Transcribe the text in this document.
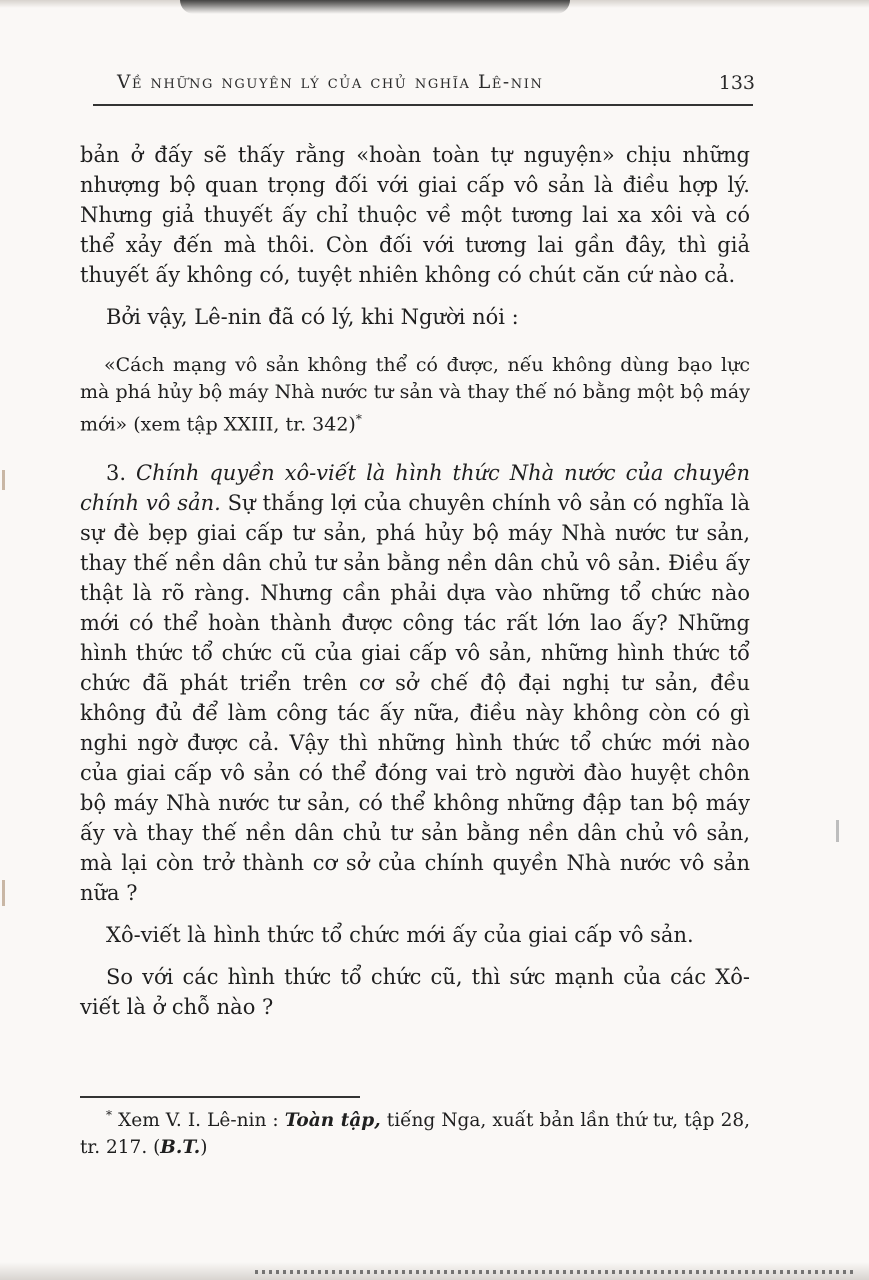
Về những nguyên lý của chủ nghĩa Lê-nin	133

bản ở đấy sẽ thấy rằng «hoàn toàn tự nguyện» chịu những nhượng bộ quan trọng đối với giai cấp vô sản là điều hợp lý. Nhưng giả thuyết ấy chỉ thuộc về một tương lai xa xôi và có thể xảy đến mà thôi. Còn đối với tương lai gần đây, thì giả thuyết ấy không có, tuyệt nhiên không có chút căn cứ nào cả.

Bởi vậy, Lê-nin đã có lý, khi Người nói :

«Cách mạng vô sản không thể có được, nếu không dùng bạo lực mà phá hủy bộ máy Nhà nước tư sản và thay thế nó bằng một bộ máy mới» (xem tập XXIII, tr. 342)*

3. Chính quyền xô-viết là hình thức Nhà nước của chuyên chính vô sản. Sự thắng lợi của chuyên chính vô sản có nghĩa là sự đè bẹp giai cấp tư sản, phá hủy bộ máy Nhà nước tư sản, thay thế nền dân chủ tư sản bằng nền dân chủ vô sản. Điều ấy thật là rõ ràng. Nhưng cần phải dựa vào những tổ chức nào mới có thể hoàn thành được công tác rất lớn lao ấy? Những hình thức tổ chức cũ của giai cấp vô sản, những hình thức tổ chức đã phát triển trên cơ sở chế độ đại nghị tư sản, đều không đủ để làm công tác ấy nữa, điều này không còn có gì nghi ngờ được cả. Vậy thì những hình thức tổ chức mới nào của giai cấp vô sản có thể đóng vai trò người đào huyệt chôn bộ máy Nhà nước tư sản, có thể không những đập tan bộ máy ấy và thay thế nền dân chủ tư sản bằng nền dân chủ vô sản, mà lại còn trở thành cơ sở của chính quyền Nhà nước vô sản nữa ?

Xô-viết là hình thức tổ chức mới ấy của giai cấp vô sản.

So với các hình thức tổ chức cũ, thì sức mạnh của các Xô-viết là ở chỗ nào ?

* Xem V. I. Lê-nin : Toàn tập, tiếng Nga, xuất bản lần thứ tư, tập 28, tr. 217. (B.T.)
